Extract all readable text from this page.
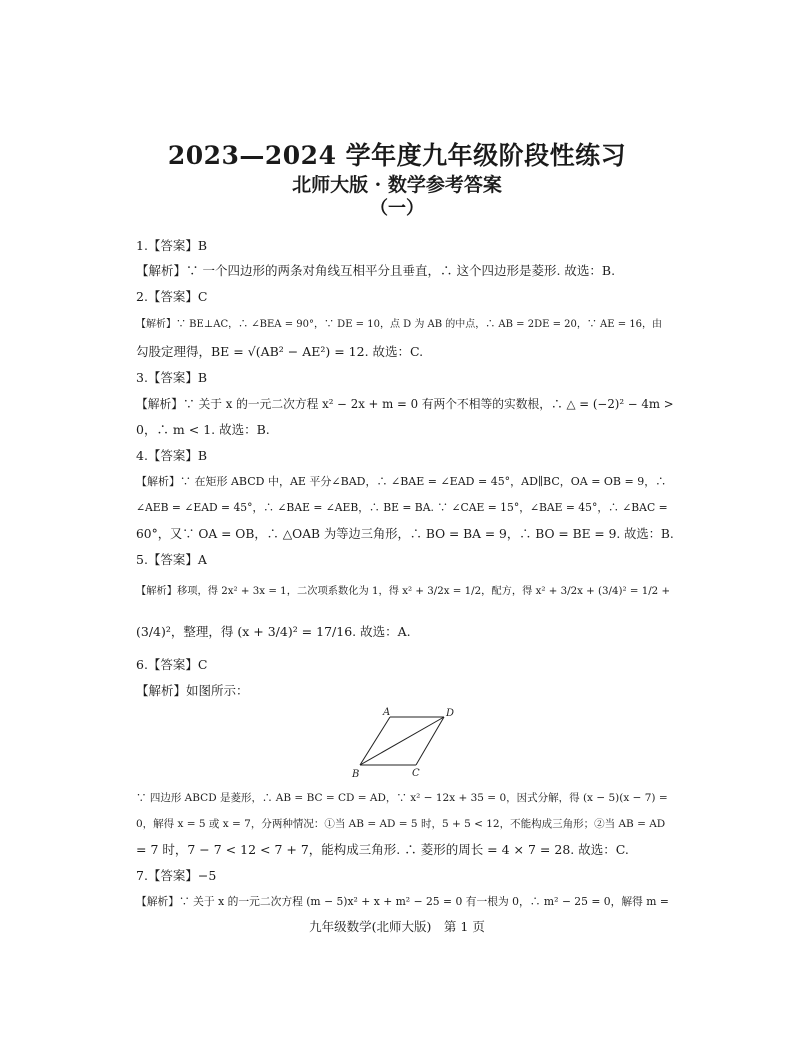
2023—2024 学年度九年级阶段性练习
北师大版 · 数学参考答案
（一）
1.【答案】B
【解析】∵ 一个四边形的两条对角线互相平分且垂直，∴ 这个四边形是菱形. 故选：B.
2.【答案】C
【解析】∵ BE⊥AC，∴ ∠BEA = 90°，∵ DE = 10，点 D 为 AB 的中点，∴ AB = 2DE = 20，∵ AE = 16，由
勾股定理得，BE = √(AB² − AE²) = 12. 故选：C.
3.【答案】B
【解析】∵ 关于 x 的一元二次方程 x² − 2x + m = 0 有两个不相等的实数根，∴ △ = (−2)² − 4m >
0，∴ m < 1. 故选：B.
4.【答案】B
【解析】∵ 在矩形 ABCD 中，AE 平分∠BAD，∴ ∠BAE = ∠EAD = 45°，AD∥BC，OA = OB = 9，∴
∠AEB = ∠EAD = 45°，∴ ∠BAE = ∠AEB，∴ BE = BA. ∵ ∠CAE = 15°，∠BAE = 45°，∴ ∠BAC =
60°，又∵ OA = OB，∴ △OAB 为等边三角形，∴ BO = BA = 9，∴ BO = BE = 9. 故选：B.
5.【答案】A
【解析】移项，得 2x² + 3x = 1，二次项系数化为 1，得 x² + 3/2x = 1/2，配方，得 x² + 3/2x + (3/4)² = 1/2 +
(3/4)²，整理，得 (x + 3/4)² = 17/16. 故选：A.
6.【答案】C
【解析】如图所示：
A	D
B	C
∵ 四边形 ABCD 是菱形，∴ AB = BC = CD = AD，∵ x² − 12x + 35 = 0，因式分解，得 (x − 5)(x − 7) =
0，解得 x = 5 或 x = 7，分两种情况：①当 AB = AD = 5 时，5 + 5 < 12，不能构成三角形；②当 AB = AD
= 7 时，7 − 7 < 12 < 7 + 7，能构成三角形. ∴ 菱形的周长 = 4 × 7 = 28. 故选：C.
7.【答案】−5
【解析】∵ 关于 x 的一元二次方程 (m − 5)x² + x + m² − 25 = 0 有一根为 0，∴ m² − 25 = 0，解得 m =
九年级数学(北师大版)　第 1 页
